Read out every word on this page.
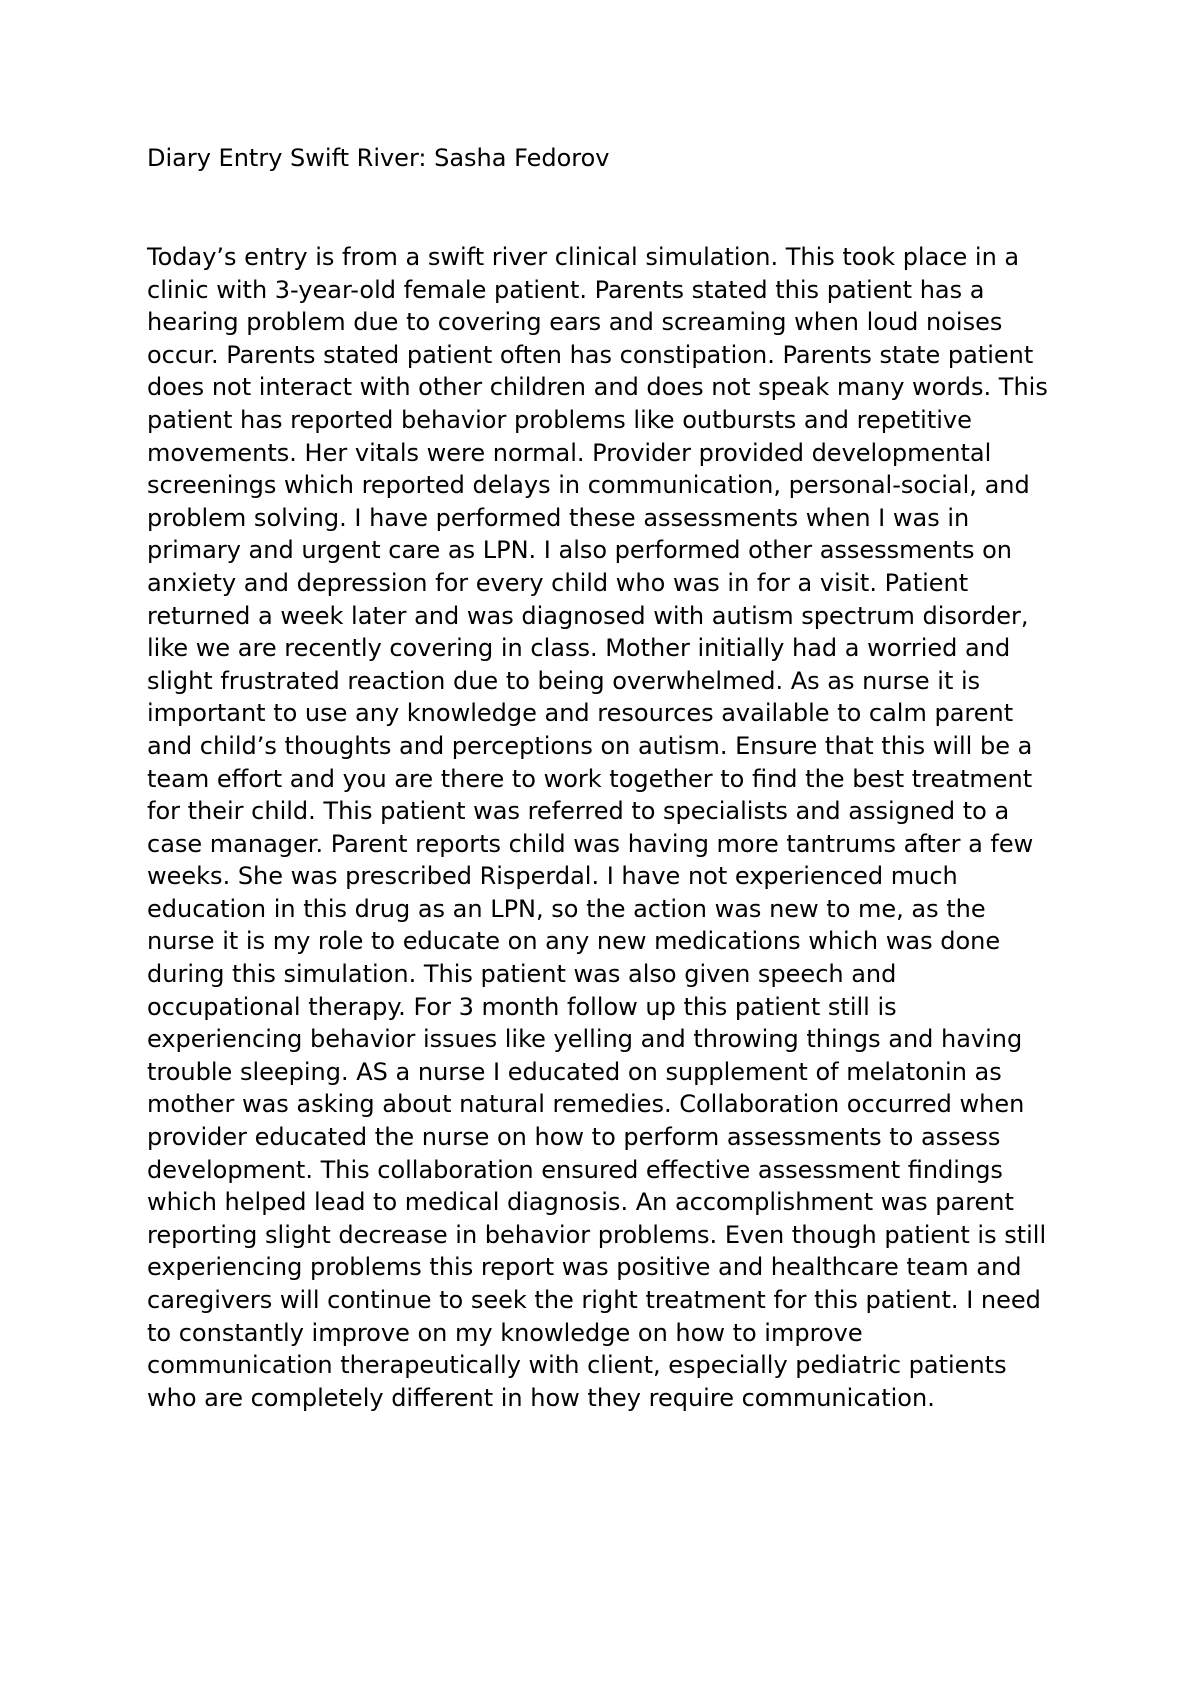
Diary Entry Swift River: Sasha Fedorov
Today’s entry is from a swift river clinical simulation. This took place in a
clinic with 3-year-old female patient. Parents stated this patient has a
hearing problem due to covering ears and screaming when loud noises
occur. Parents stated patient often has constipation. Parents state patient
does not interact with other children and does not speak many words. This
patient has reported behavior problems like outbursts and repetitive
movements. Her vitals were normal. Provider provided developmental
screenings which reported delays in communication, personal-social, and
problem solving. I have performed these assessments when I was in
primary and urgent care as LPN. I also performed other assessments on
anxiety and depression for every child who was in for a visit. Patient
returned a week later and was diagnosed with autism spectrum disorder,
like we are recently covering in class. Mother initially had a worried and
slight frustrated reaction due to being overwhelmed. As as nurse it is
important to use any knowledge and resources available to calm parent
and child’s thoughts and perceptions on autism. Ensure that this will be a
team effort and you are there to work together to find the best treatment
for their child. This patient was referred to specialists and assigned to a
case manager. Parent reports child was having more tantrums after a few
weeks. She was prescribed Risperdal. I have not experienced much
education in this drug as an LPN, so the action was new to me, as the
nurse it is my role to educate on any new medications which was done
during this simulation. This patient was also given speech and
occupational therapy. For 3 month follow up this patient still is
experiencing behavior issues like yelling and throwing things and having
trouble sleeping. AS a nurse I educated on supplement of melatonin as
mother was asking about natural remedies. Collaboration occurred when
provider educated the nurse on how to perform assessments to assess
development. This collaboration ensured effective assessment findings
which helped lead to medical diagnosis. An accomplishment was parent
reporting slight decrease in behavior problems. Even though patient is still
experiencing problems this report was positive and healthcare team and
caregivers will continue to seek the right treatment for this patient. I need
to constantly improve on my knowledge on how to improve
communication therapeutically with client, especially pediatric patients
who are completely different in how they require communication.
